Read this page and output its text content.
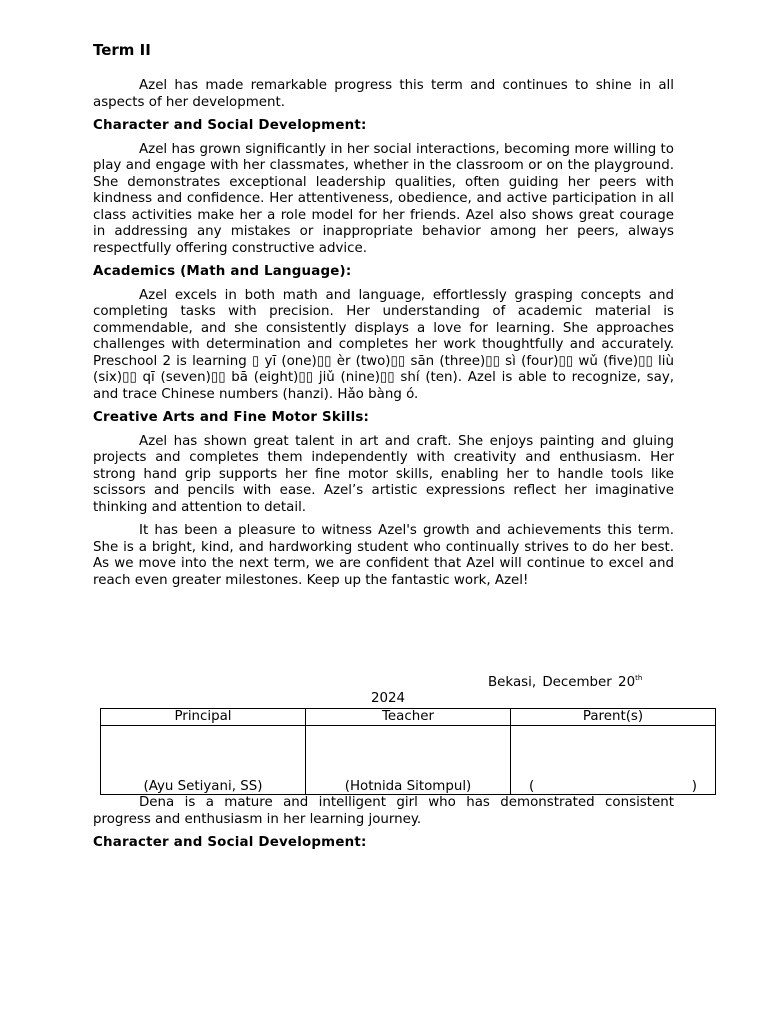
Term II

Azel has made remarkable progress this term and continues to shine in all aspects of her development.

Character and Social Development:

Azel has grown significantly in her social interactions, becoming more willing to play and engage with her classmates, whether in the classroom or on the playground. She demonstrates exceptional leadership qualities, often guiding her peers with kindness and confidence. Her attentiveness, obedience, and active participation in all class activities make her a role model for her friends. Azel also shows great courage in addressing any mistakes or inappropriate behavior among her peers, always respectfully offering constructive advice.

Academics (Math and Language):

Azel excels in both math and language, effortlessly grasping concepts and completing tasks with precision. Her understanding of academic material is commendable, and she consistently displays a love for learning. She approaches challenges with determination and completes her work thoughtfully and accurately. Preschool 2 is learning ▯ yī (one)▯▯ èr (two)▯▯ sān (three)▯▯ sì (four)▯▯ wǔ (five)▯▯ liù (six)▯▯ qī (seven)▯▯ bā (eight)▯▯ jiǔ (nine)▯▯ shí (ten). Azel is able to recognize, say, and trace Chinese numbers (hanzi). Hǎo bàng ó.

Creative Arts and Fine Motor Skills:

Azel has shown great talent in art and craft. She enjoys painting and gluing projects and completes them independently with creativity and enthusiasm. Her strong hand grip supports her fine motor skills, enabling her to handle tools like scissors and pencils with ease. Azel’s artistic expressions reflect her imaginative thinking and attention to detail.

It has been a pleasure to witness Azel's growth and achievements this term. She is a bright, kind, and hardworking student who continually strives to do her best. As we move into the next term, we are confident that Azel will continue to excel and reach even greater milestones. Keep up the fantastic work, Azel!

Bekasi, December 20th
2024
Principal	Teacher	Parent(s)
(Ayu Setiyani, SS)	(Hotnida Sitompul)	( )

Dena is a mature and intelligent girl who has demonstrated consistent progress and enthusiasm in her learning journey.

Character and Social Development:
